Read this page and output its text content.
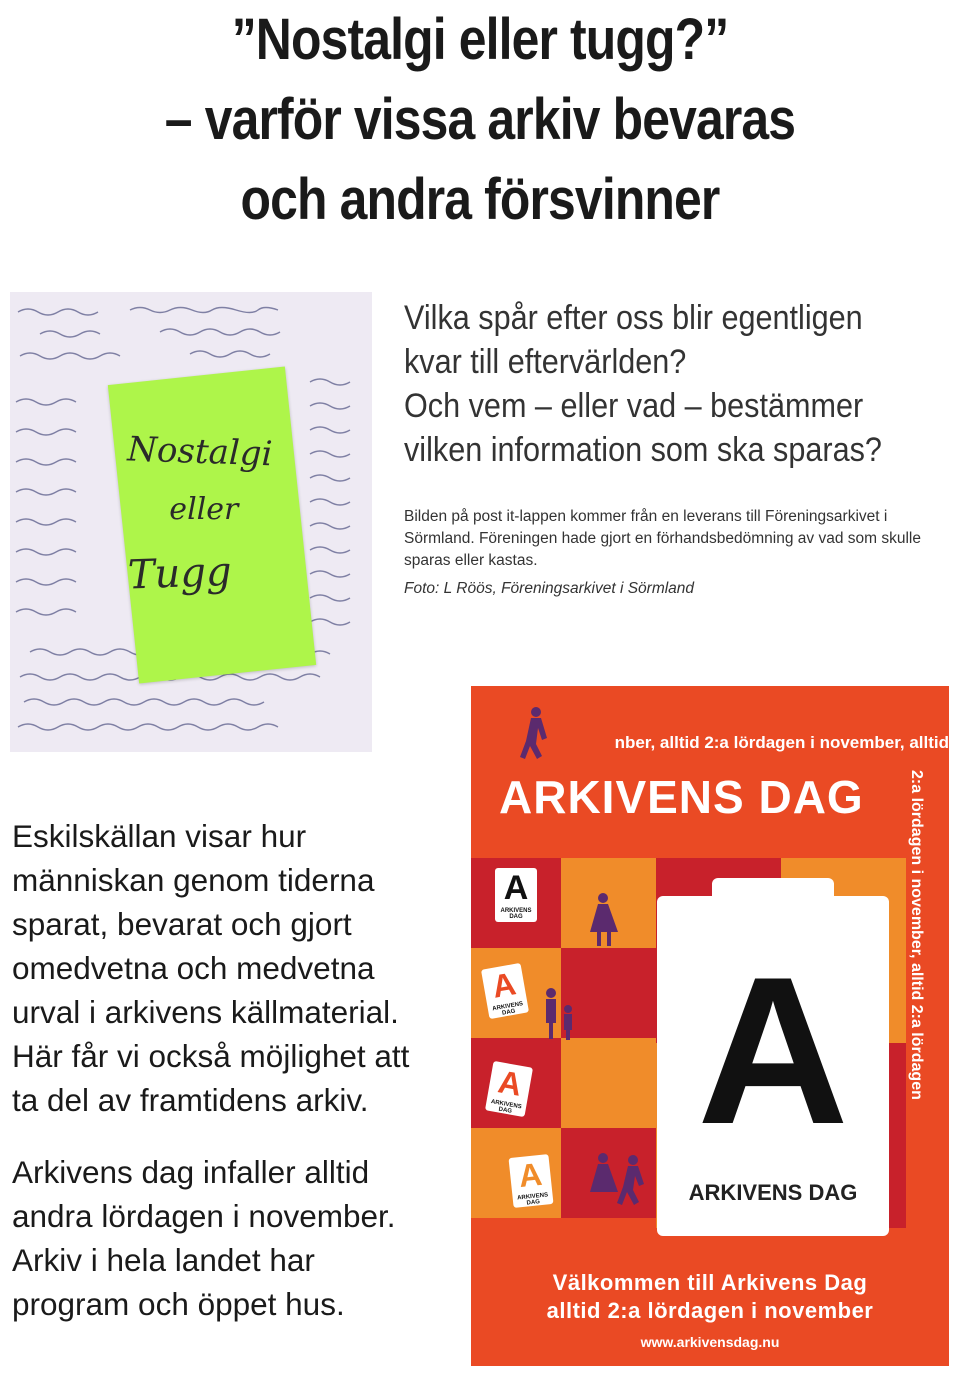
”Nostalgi eller tugg?”
– varför vissa arkiv bevaras
och andra försvinner
Nostalgi
eller
Tugg

Vilka spår efter oss blir egentligen
kvar till eftervärlden?
Och vem – eller vad – bestämmer
vilken information som ska sparas?

Bilden på post it-lappen kommer från en leverans till Föreningsarkivet i Sörmland. Föreningen hade gjort en förhandsbedömning av vad som skulle sparas eller kastas.

Foto: L Röös, Föreningsarkivet i Sörmland

Eskilskällan visar hur
människan genom tiderna
sparat, bevarat och gjort
omedvetna och medvetna
urval i arkivens källmaterial.
Här får vi också möjlighet att
ta del av framtidens arkiv.

Arkivens dag infaller alltid
andra lördagen i november.
Arkiv i hela landet har
program och öppet hus.

nber, alltid 2:a lördagen i november, alltid
ARKIVENS DAG	2:a lördagen i november, alltid 2:a lördagen
A
ARKIVENS DAG
A
ARKIVENS DAG
A
ARKIVENS DAG
A
ARKIVENS DAG
A
ARKIVENS DAG
Välkommen till Arkivens Dag
alltid 2:a lördagen i november
www.arkivensdag.nu
